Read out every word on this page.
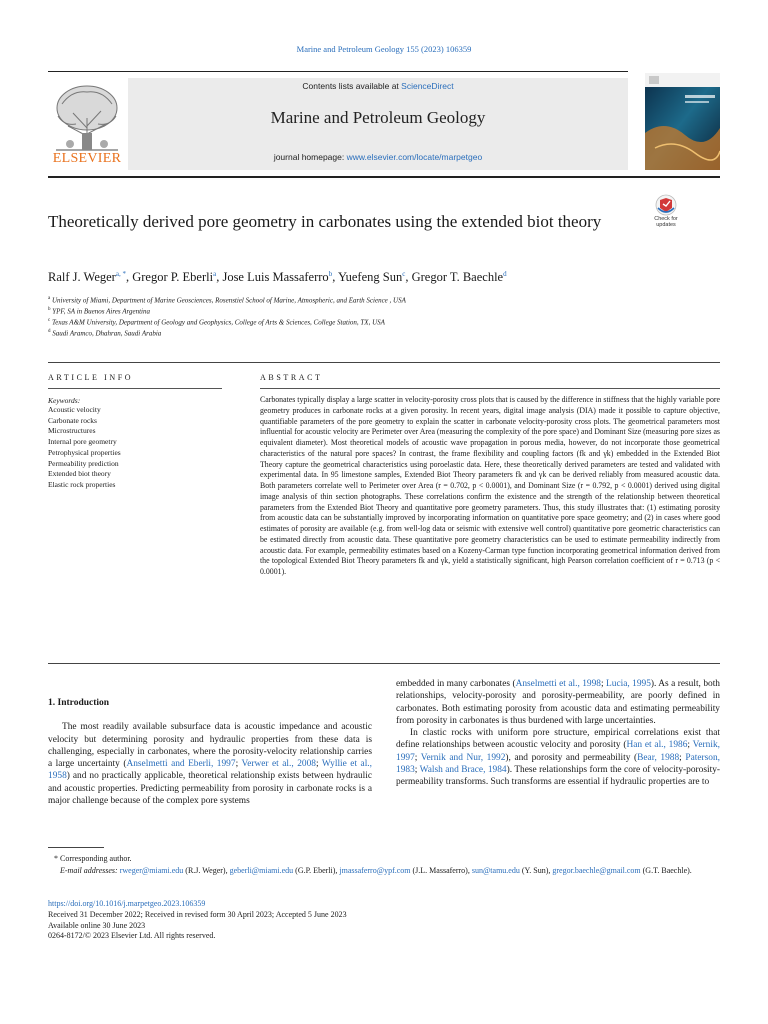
Marine and Petroleum Geology 155 (2023) 106359
ELSEVIER
Contents lists available at ScienceDirect
Marine and Petroleum Geology
journal homepage: www.elsevier.com/locate/marpetgeo
Theoretically derived pore geometry in carbonates using the extended biot theory	Check for
updates
Ralf J. Weger$^{a, *}$, Gregor P. Eberli$^a$, Jose Luis Massaferro$^b$, Yuefeng Sun$^c$, Gregor T. Baechle$^d$
$^a$ University of Miami, Department of Marine Geosciences, Rosenstiel School of Marine, Atmospheric, and Earth Science , USA
$^b$ YPF, SA in Buenos Aires Argentina
$^c$ Texas A&M University, Department of Geology and Geophysics, College of Arts & Sciences, College Station, TX, USA
$^d$ Saudi Aramco, Dhahran, Saudi Arabia
ARTICLE INFO	ABSTRACT
Keywords:
Acoustic velocity
Carbonate rocks
Microstructures
Internal pore geometry
Petrophysical properties
Permeability prediction
Extended biot theory
Elastic rock properties
Carbonates typically display a large scatter in velocity-porosity cross plots that is caused by the difference in stiffness that the highly variable pore geometry produces in carbonate rocks at a given porosity. In recent years, digital image analysis (DIA) made it possible to capture objective, quantifiable parameters of the pore geometry to explain the scatter in carbonate velocity-porosity cross plots. The geometrical parameters most influential for acoustic velocity are Perimeter over Area (measuring the complexity of the pore space) and Dominant Size (measuring pore sizes as equivalent diameter). Most theoretical models of acoustic wave propagation in porous media, however, do not incorporate those geometrical characteristics of the natural pore spaces? In contrast, the frame flexibility and coupling factors (fk and γk) embedded in the Extended Biot Theory capture the geometrical characteristics using poroelastic data. Here, these theoretically derived parameters are tested and validated with experimental data. In 95 limestone samples, Extended Biot Theory parameters fk and γk can be derived reliably from measured acoustic data. Both parameters correlate well to Perimeter over Area (r = 0.702, p < 0.0001), and Dominant Size (r = 0.792, p < 0.0001) derived using digital image analysis of thin section photographs. These correlations confirm the existence and the strength of the relationship between theoretical parameters from the Extended Biot Theory and quantitative pore geometry parameters. Thus, this study illustrates that: (1) estimating porosity from acoustic data can be substantially improved by incorporating information on quantitative pore space geometry; and (2) in cases where good estimates of porosity are available (e.g. from well-log data or seismic with extensive well control) quantitative pore geometric characteristics can be estimated directly from acoustic data. These quantitative pore geometry characteristics can be used to estimate permeability indirectly from acoustic data. For example, permeability estimates based on a Kozeny-Carman type function incorporating geometrical information derived from the topological Extended Biot Theory parameters fk and γk, yield a statistically significant, high Pearson correlation coefficient of r = 0.713 (p < 0.0001).

1. Introduction

The most readily available subsurface data is acoustic impedance and acoustic velocity but determining porosity and hydraulic properties from these data is challenging, especially in carbonates, where the porosity-velocity relationship carries a large uncertainty (Anselmetti and Eberli, 1997; Verwer et al., 2008; Wyllie et al., 1958) and no practically applicable, theoretical relationship exists between hydraulic and acoustic properties. Predicting permeability from porosity in carbonate rocks is a major challenge because of the complex pore systems

embedded in many carbonates (Anselmetti et al., 1998; Lucia, 1995). As a result, both relationships, velocity-porosity and porosity-permeability, are poorly defined in carbonates. Both estimating porosity from acoustic data and estimating permeability from porosity in carbonates is thus burdened with large uncertainties.

In clastic rocks with uniform pore structure, empirical correlations exist that define relationships between acoustic velocity and porosity (Han et al., 1986; Vernik, 1997; Vernik and Nur, 1992), and porosity and permeability (Bear, 1988; Paterson, 1983; Walsh and Brace, 1984). These relationships form the core of velocity-porosity-permeability transforms. Such transforms are essential if hydraulic properties are to

* Corresponding author.

E-mail addresses: rweger@miami.edu (R.J. Weger), geberli@miami.edu (G.P. Eberli), jmassaferro@ypf.com (J.L. Massaferro), sun@tamu.edu (Y. Sun), gregor.baechle@gmail.com (G.T. Baechle).

https://doi.org/10.1016/j.marpetgeo.2023.106359

Received 31 December 2022; Received in revised form 30 April 2023; Accepted 5 June 2023

Available online 30 June 2023

0264-8172/© 2023 Elsevier Ltd. All rights reserved.
